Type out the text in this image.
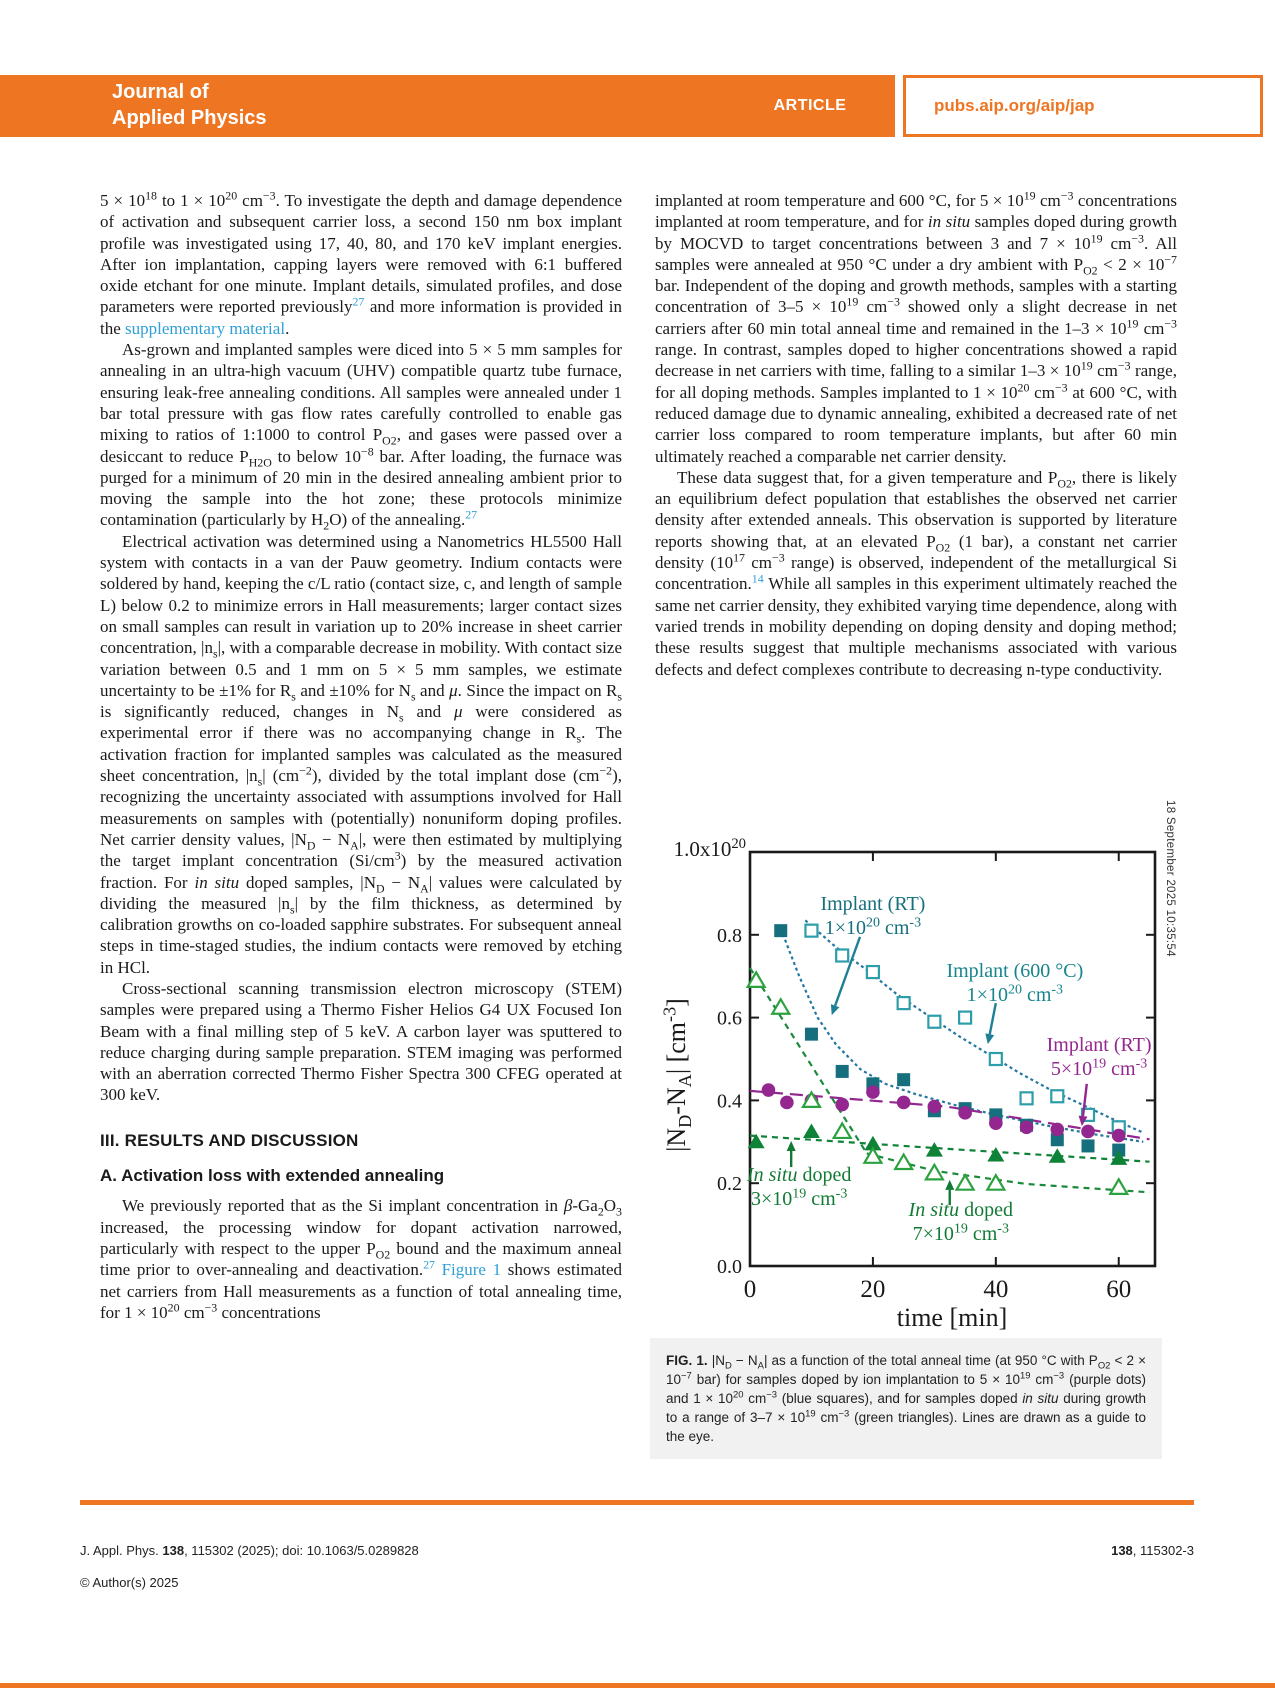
Journal of
Applied Physics
ARTICLE	pubs.aip.org/aip/jap

$5 \times 10^{18}$ to $1 \times 10^{20}$ $cm^{-3}$. To investigate the depth and damage dependence of activation and subsequent carrier loss, a second 150 nm box implant profile was investigated using 17, 40, 80, and 170 keV implant energies. After ion implantation, capping layers were removed with 6:1 buffered oxide etchant for one minute. Implant details, simulated profiles, and dose parameters were reported previously$^{27}$ and more information is provided in the supplementary material.

As-grown and implanted samples were diced into 5 × 5 mm samples for annealing in an ultra-high vacuum (UHV) compatible quartz tube furnace, ensuring leak-free annealing conditions. All samples were annealed under 1 bar total pressure with gas flow rates carefully controlled to enable gas mixing to ratios of 1:1000 to control $P_{O2}$, and gases were passed over a desiccant to reduce $P_{H2O}$ to below $10^{-8}$ bar. After loading, the furnace was purged for a minimum of 20 min in the desired annealing ambient prior to moving the sample into the hot zone; these protocols minimize contamination (particularly by $H_2O$) of the annealing.$^{27}$

Electrical activation was determined using a Nanometrics HL5500 Hall system with contacts in a van der Pauw geometry. Indium contacts were soldered by hand, keeping the c/L ratio (contact size, c, and length of sample L) below 0.2 to minimize errors in Hall measurements; larger contact sizes on small samples can result in variation up to 20% increase in sheet carrier concentration, $|n_s|$, with a comparable decrease in mobility. With contact size variation between 0.5 and 1 mm on 5 × 5 mm samples, we estimate uncertainty to be ±1% for $R_s$ and ±10% for $N_s$ and μ. Since the impact on $R_s$ is significantly reduced, changes in $N_s$ and μ were considered as experimental error if there was no accompanying change in $R_s$. The activation fraction for implanted samples was calculated as the measured sheet concentration, $|n_s|$ $(cm^{-2})$, divided by the total implant dose $(cm^{-2})$, recognizing the uncertainty associated with assumptions involved for Hall measurements on samples with (potentially) nonuniform doping profiles. Net carrier density values, $|N_D - N_A|$, were then estimated by multiplying the target implant concentration $(Si/cm^3)$ by the measured activation fraction. For in situ doped samples, $|N_D - N_A|$ values were calculated by dividing the measured $|n_s|$ by the film thickness, as determined by calibration growths on co-loaded sapphire substrates. For subsequent anneal steps in time-staged studies, the indium contacts were removed by etching in HCl.

Cross-sectional scanning transmission electron microscopy (STEM) samples were prepared using a Thermo Fisher Helios G4 UX Focused Ion Beam with a final milling step of 5 keV. A carbon layer was sputtered to reduce charging during sample preparation. STEM imaging was performed with an aberration corrected Thermo Fisher Spectra 300 CFEG operated at 300 keV.

III. RESULTS AND DISCUSSION
A. Activation loss with extended annealing

We previously reported that as the Si implant concentration in $\beta-Ga_2O_3$ increased, the processing window for dopant activation narrowed, particularly with respect to the upper $P_{O2}$ bound and the maximum anneal time prior to over-annealing and deactivation.$^{27}$ Figure 1 shows estimated net carriers from Hall measurements as a function of total annealing time, for $1 \times 10^{20}$ $cm^{-3}$ concentrations

implanted at room temperature and 600 °C, for $5 \times 10^{19}$ $cm^{-3}$ concentrations implanted at room temperature, and for in situ samples doped during growth by MOCVD to target concentrations between 3 and $7 \times 10^{19}$ $cm^{-3}$. All samples were annealed at 950 °C under a dry ambient with $P_{O2} < 2 \times 10^{-7}$ bar. Independent of the doping and growth methods, samples with a starting concentration of $3-5 \times 10^{19}$ $cm^{-3}$ showed only a slight decrease in net carriers after 60 min total anneal time and remained in the $1-3 \times 10^{19}$ $cm^{-3}$ range. In contrast, samples doped to higher concentrations showed a rapid decrease in net carriers with time, falling to a similar $1-3 \times 10^{19}$ $cm^{-3}$ range, for all doping methods. Samples implanted to $1 \times 10^{20}$ $cm^{-3}$ at 600 °C, with reduced damage due to dynamic annealing, exhibited a decreased rate of net carrier loss compared to room temperature implants, but after 60 min ultimately reached a comparable net carrier density.

These data suggest that, for a given temperature and $P_{O2}$, there is likely an equilibrium defect population that establishes the observed net carrier density after extended anneals. This observation is supported by literature reports showing that, at an elevated $P_{O2}$ (1 bar), a constant net carrier density ($10^{17}$ $cm^{-3}$ range) is observed, independent of the metallurgical Si concentration.$^{14}$ While all samples in this experiment ultimately reached the same net carrier density, they exhibited varying time dependence, along with varied trends in mobility depending on doping density and doping method; these results suggest that multiple mechanisms associated with various defects and defect complexes contribute to decreasing n-type conductivity.

0	20	40	60
0.8
0.6
0.4
0.2
0.0
$1.0x10^{20}$
$|N_D-N_A|$ $[cm^{-3}]$
time [min]
Implant (RT)
$1\times 10^{20}$ $cm^{-3}$
Implant (600 °C)
$1\times 10^{20}$ $cm^{-3}$
Implant (RT)
$5\times 10^{19}$ $cm^{-3}$
In situ doped
$3\times 10^{19}$ $cm^{-3}$
In situ doped
$7\times 10^{19}$ $cm^{-3}$
FIG. 1. $|N_D - N_A|$ as a function of the total anneal time (at 950 °C with $P_{O2} < 2 \times 10^{-7}$ bar) for samples doped by ion implantation to $5 \times 10^{19}$ $cm^{-3}$ (purple dots) and $1 \times 10^{20}$ $cm^{-3}$ (blue squares), and for samples doped in situ during growth to a range of $3-7 \times 10^{19}$ $cm^{-3}$ (green triangles). Lines are drawn as a guide to the eye.
J. Appl. Phys. 138, 115302 (2025); doi: 10.1063/5.0289828	138, 115302-3
© Author(s) 2025
18 September 2025 10:35:54
